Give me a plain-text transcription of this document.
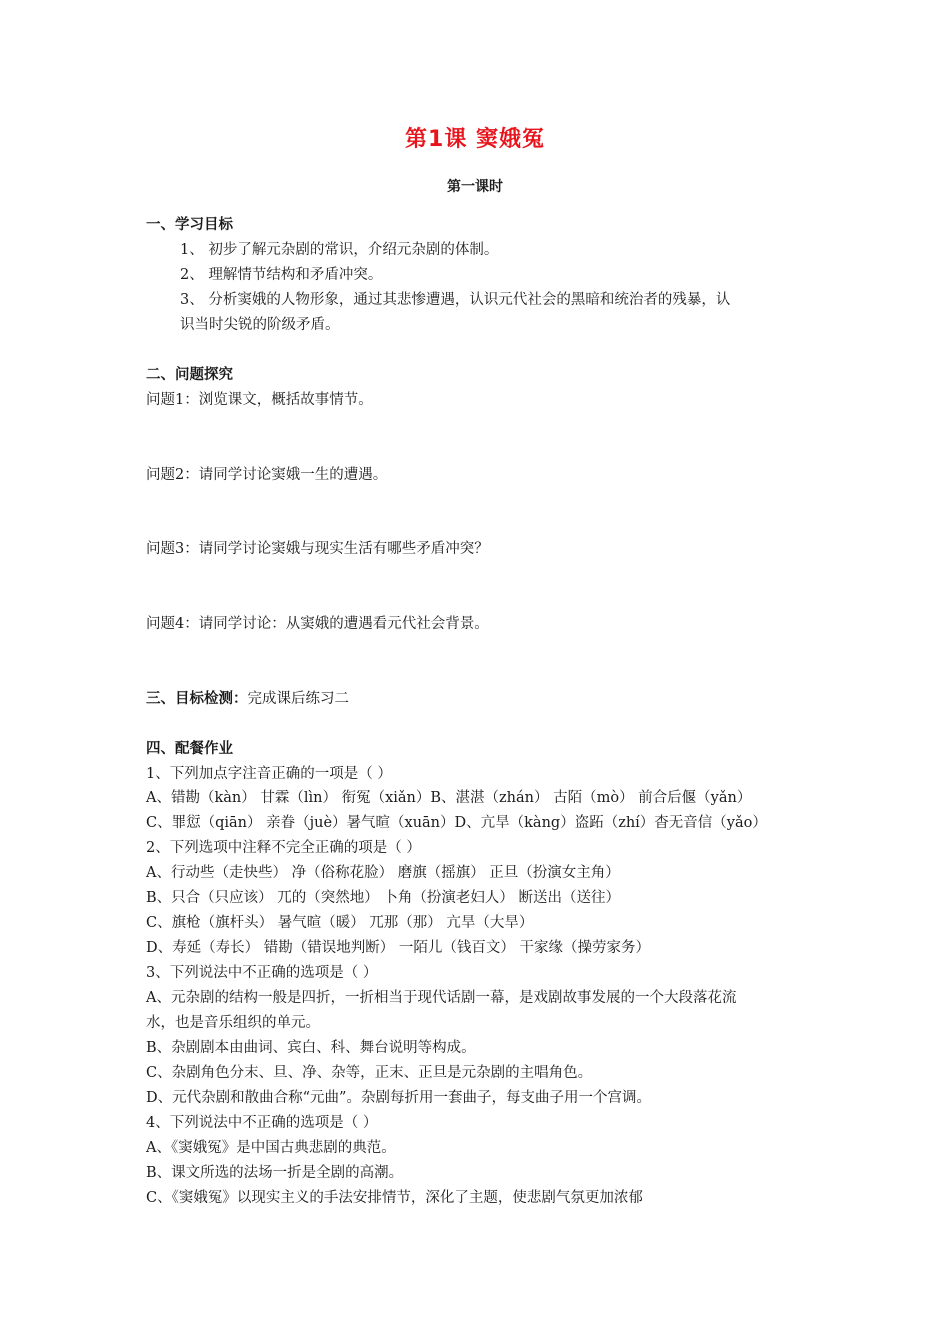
第1课 窦娥冤
第一课时
一、学习目标
1、 初步了解元杂剧的常识，介绍元杂剧的体制。
2、 理解情节结构和矛盾冲突。
3、 分析窦娥的人物形象，通过其悲惨遭遇，认识元代社会的黑暗和统治者的残暴，认
识当时尖锐的阶级矛盾。
二、问题探究
问题1：浏览课文，概括故事情节。
问题2：请同学讨论窦娥一生的遭遇。
问题3：请同学讨论窦娥与现实生活有哪些矛盾冲突？
问题4：请同学讨论：从窦娥的遭遇看元代社会背景。
三、目标检测：完成课后练习二
四、配餐作业
1、下列加点字注音正确的一项是（ ）
A、错勘（kàn） 甘霖（lìn） 衔冤（xiǎn）B、湛湛（zhán） 古陌（mò） 前合后偃（yǎn）
C、罪愆（qiān） 亲眷（juè）暑气暄（xuān）D、亢旱（kàng）盗跖（zhí）杳无音信（yǎo）
2、下列选项中注释不完全正确的项是（ ）
A、行动些（走快些） 净（俗称花脸） 磨旗（摇旗） 正旦（扮演女主角）
B、只合（只应该） 兀的（突然地） 卜角（扮演老妇人） 断送出（送往）
C、旗枪（旗杆头） 暑气暄（暖） 兀那（那） 亢旱（大旱）
D、寿延（寿长） 错勘（错误地判断） 一陌儿（钱百文） 干家缘（操劳家务）
3、下列说法中不正确的选项是（ ）
A、元杂剧的结构一般是四折，一折相当于现代话剧一幕，是戏剧故事发展的一个大段落花流
水，也是音乐组织的单元。
B、杂剧剧本由曲词、宾白、科、舞台说明等构成。
C、杂剧角色分末、旦、净、杂等，正末、正旦是元杂剧的主唱角色。
D、元代杂剧和散曲合称“元曲”。杂剧每折用一套曲子，每支曲子用一个宫调。
4、下列说法中不正确的选项是（ ）
A、《窦娥冤》是中国古典悲剧的典范。
B、课文所选的法场一折是全剧的高潮。
C、《窦娥冤》以现实主义的手法安排情节，深化了主题，使悲剧气氛更加浓郁
